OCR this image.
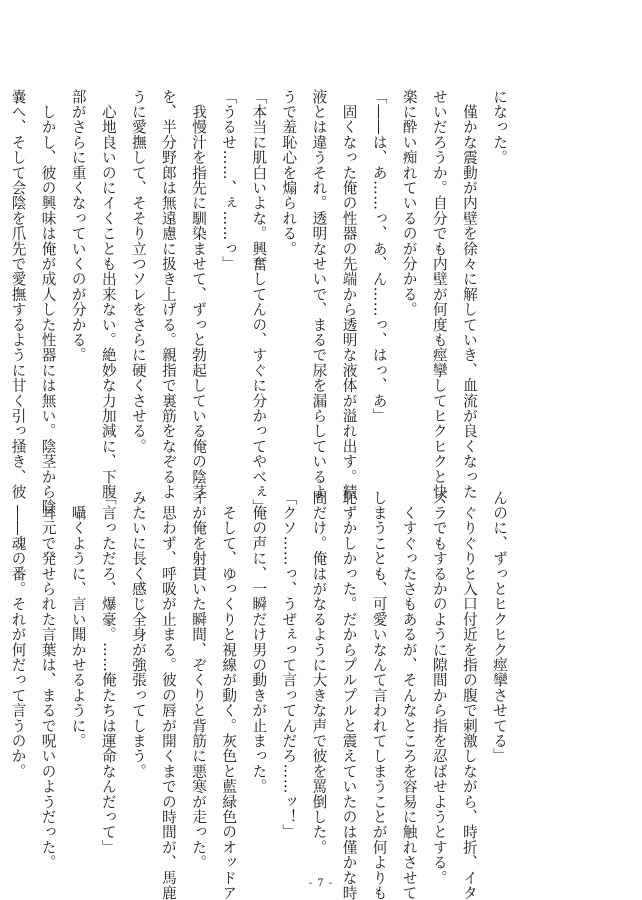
になった。

　僅かな震動が内壁を徐々に解していき、血流が良くなった

せいだろうか。自分でも内壁が何度も痙攣してヒクヒクと快

楽に酔い痴れているのが分かる。

「――は、あ……っ、あ、ん……っ、はっ、あ」

　固くなった俺の性器の先端から透明な液体が溢れ出す。精

液とは違うそれ。透明なせいで、まるで尿を漏らしているよ

うで羞恥心を煽られる。

「本当に肌白いよな。興奮してんの、すぐに分かってやべぇ」

「うるせ……、ぇ……っ」

　我慢汁を指先に馴染ませて、ずっと勃起している俺の陰茎

を、半分野郎は無遠慮に扱き上げる。親指で裏筋をなぞるよ

うに愛撫して、そそり立つソレをさらに硬くさせる。

　心地良いのにイくことも出来ない。絶妙な力加減に、下腹

部がさらに重くなっていくのが分かる。

　しかし、彼の興味は俺が成人した性器には無い。陰茎から陰

嚢へ、そして会陰を爪先で愛撫するように甘く引っ掻き、彼

んのに、ずっとヒクヒク痙攣させてる」

　ぐりぐりと入口付近を指の腹で刺激しながら、時折、イタ

ズラでもするかのように隙間から指を忍ばせようとする。

　くすぐったさもあるが、そんなところを容易に触れさせて

しまうことも、可愛いなんて言われてしまうことが何よりも

恥ずかしかった。だからプルプルと震えていたのは僅かな時

間だけ。俺はがなるように大きな声で彼を罵倒した。

「クソ……っ、うぜぇって言ってんだろ……ッ！」

　俺の声に、一瞬だけ男の動きが止まった。

　そして、ゆっくりと視線が動く。灰色と藍緑色のオッドア

イが俺を射貫いた瞬間、ぞくりと背筋に悪寒が走った。

　思わず、呼吸が止まる。彼の唇が開くまでの時間が、馬鹿

みたいに長く感じ全身が強張ってしまう。

「言っただろ、爆豪。……俺たちは運命なんだって」

　囁くように、言い聞かせるように。

　耳元で発せられた言葉は、まるで呪いのようだった。

　――魂の番。それが何だって言うのか。

- 7 -
